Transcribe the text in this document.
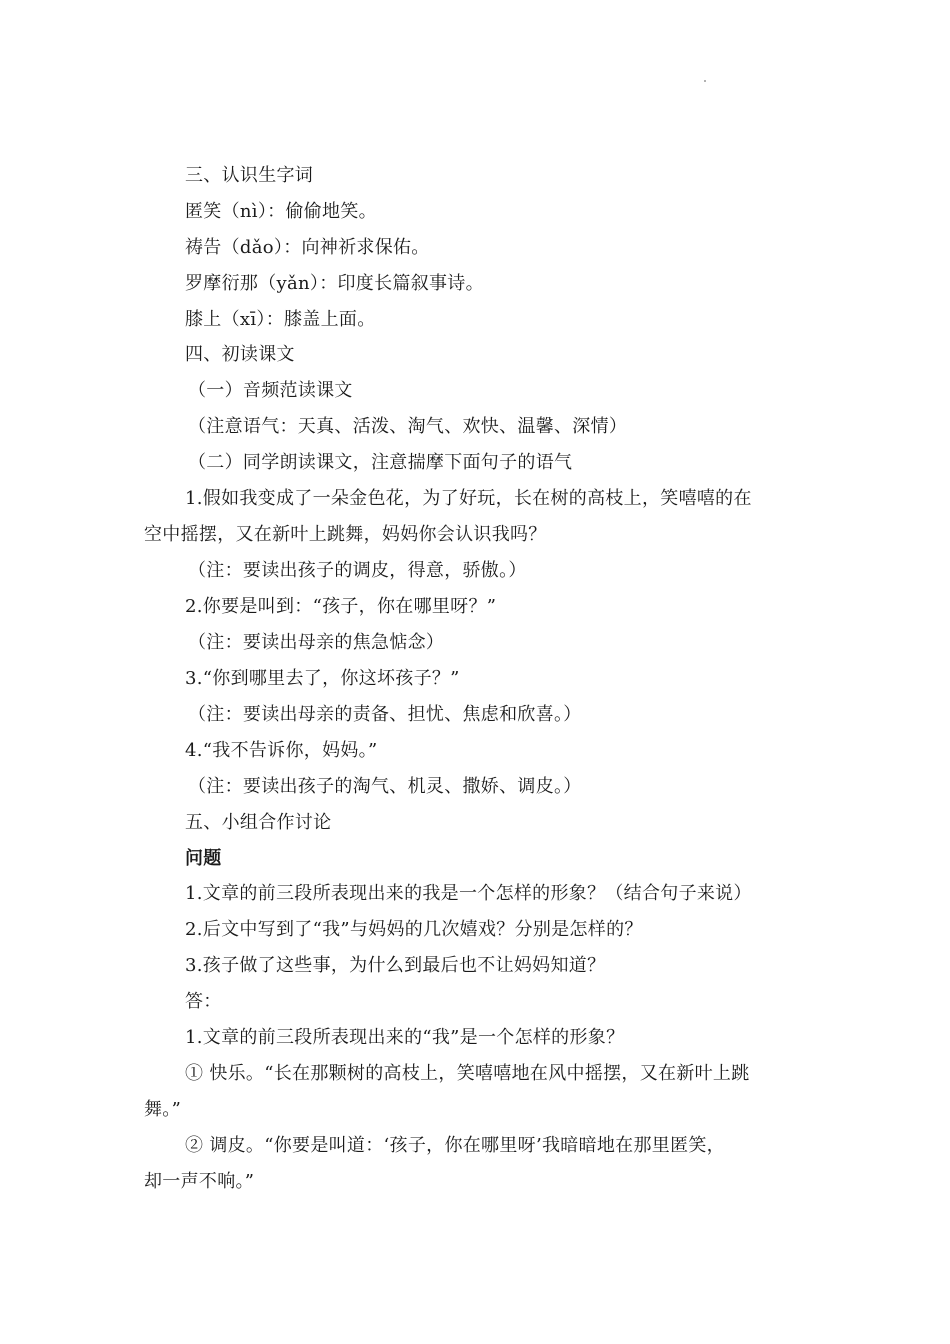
三、认识生字词
匿笑（nì）：偷偷地笑。
祷告（dǎo）：向神祈求保佑。
罗摩衍那（yǎn）：印度长篇叙事诗。
膝上（xī）：膝盖上面。
四、初读课文
（一）音频范读课文
（注意语气：天真、活泼、淘气、欢快、温馨、深情）
（二）同学朗读课文，注意揣摩下面句子的语气
1.假如我变成了一朵金色花，为了好玩，长在树的高枝上，笑嘻嘻的在
空中摇摆，又在新叶上跳舞，妈妈你会认识我吗？
（注：要读出孩子的调皮，得意，骄傲。）
2.你要是叫到：“孩子，你在哪里呀？”
（注：要读出母亲的焦急惦念）
3.“你到哪里去了，你这坏孩子？”
（注：要读出母亲的责备、担忧、焦虑和欣喜。）
4.“我不告诉你，妈妈。”
（注：要读出孩子的淘气、机灵、撒娇、调皮。）
五、小组合作讨论
问题
1.文章的前三段所表现出来的我是一个怎样的形象？（结合句子来说）
2.后文中写到了“我”与妈妈的几次嬉戏？分别是怎样的？
3.孩子做了这些事，为什么到最后也不让妈妈知道？
答：
1.文章的前三段所表现出来的“我”是一个怎样的形象？
① 快乐。“长在那颗树的高枝上，笑嘻嘻地在风中摇摆，又在新叶上跳
舞。”
② 调皮。“你要是叫道：‘孩子，你在哪里呀’我暗暗地在那里匿笑，
却一声不响。”
